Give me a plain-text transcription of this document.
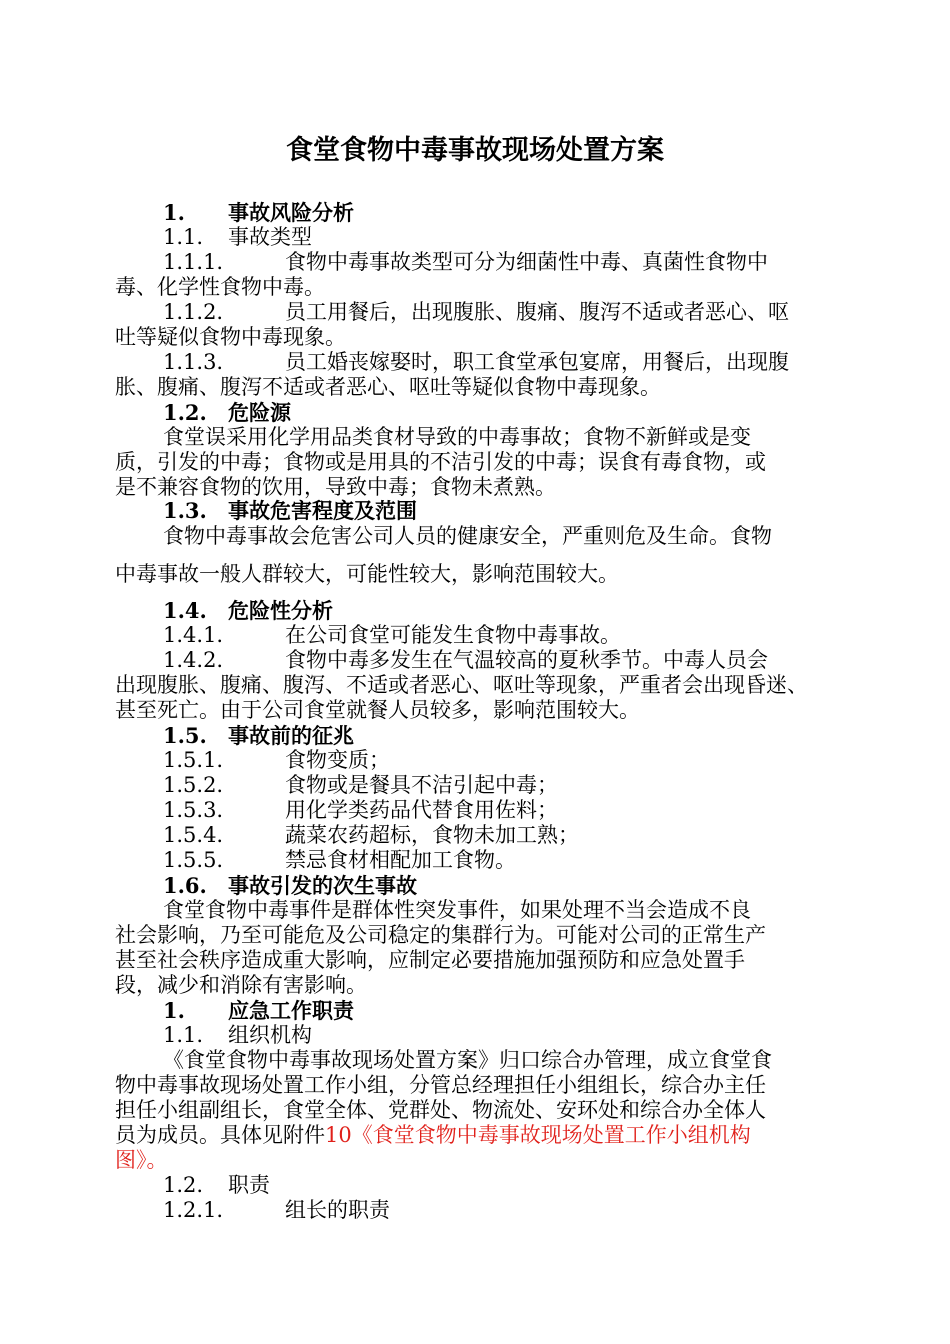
食堂食物中毒事故现场处置方案
1. 事故风险分析
1.1. 事故类型
1.1.1.	食物中毒事故类型可分为细菌性中毒、真菌性食物中
毒、化学性食物中毒。
1.1.2.	员工用餐后，出现腹胀、腹痛、腹泻不适或者恶心、呕
吐等疑似食物中毒现象。
1.1.3.	员工婚丧嫁娶时，职工食堂承包宴席，用餐后，出现腹
胀、腹痛、腹泻不适或者恶心、呕吐等疑似食物中毒现象。
1.2. 危险源
食堂误采用化学用品类食材导致的中毒事故；食物不新鲜或是变
质，引发的中毒；食物或是用具的不洁引发的中毒；误食有毒食物，或
是不兼容食物的饮用，导致中毒；食物未煮熟。
1.3. 事故危害程度及范围
食物中毒事故会危害公司人员的健康安全，严重则危及生命。食物
中毒事故一般人群较大，可能性较大，影响范围较大。
1.4. 危险性分析
1.4.1.	在公司食堂可能发生食物中毒事故。
1.4.2.	食物中毒多发生在气温较高的夏秋季节。中毒人员会
出现腹胀、腹痛、腹泻、不适或者恶心、呕吐等现象，严重者会出现昏迷、
甚至死亡。由于公司食堂就餐人员较多，影响范围较大。
1.5. 事故前的征兆
1.5.1.	食物变质；
1.5.2.	食物或是餐具不洁引起中毒；
1.5.3.	用化学类药品代替食用佐料；
1.5.4.	蔬菜农药超标，食物未加工熟；
1.5.5.	禁忌食材相配加工食物。
1.6. 事故引发的次生事故
食堂食物中毒事件是群体性突发事件，如果处理不当会造成不良
社会影响，乃至可能危及公司稳定的集群行为。可能对公司的正常生产
甚至社会秩序造成重大影响，应制定必要措施加强预防和应急处置手
段，减少和消除有害影响。
1. 应急工作职责
1.1. 组织机构
《食堂食物中毒事故现场处置方案》归口综合办管理，成立食堂食
物中毒事故现场处置工作小组，分管总经理担任小组组长，综合办主任
担任小组副组长，食堂全体、党群处、物流处、安环处和综合办全体人
员为成员。具体见附件10《食堂食物中毒事故现场处置工作小组机构
图》。
1.2. 职责
1.2.1.	组长的职责
